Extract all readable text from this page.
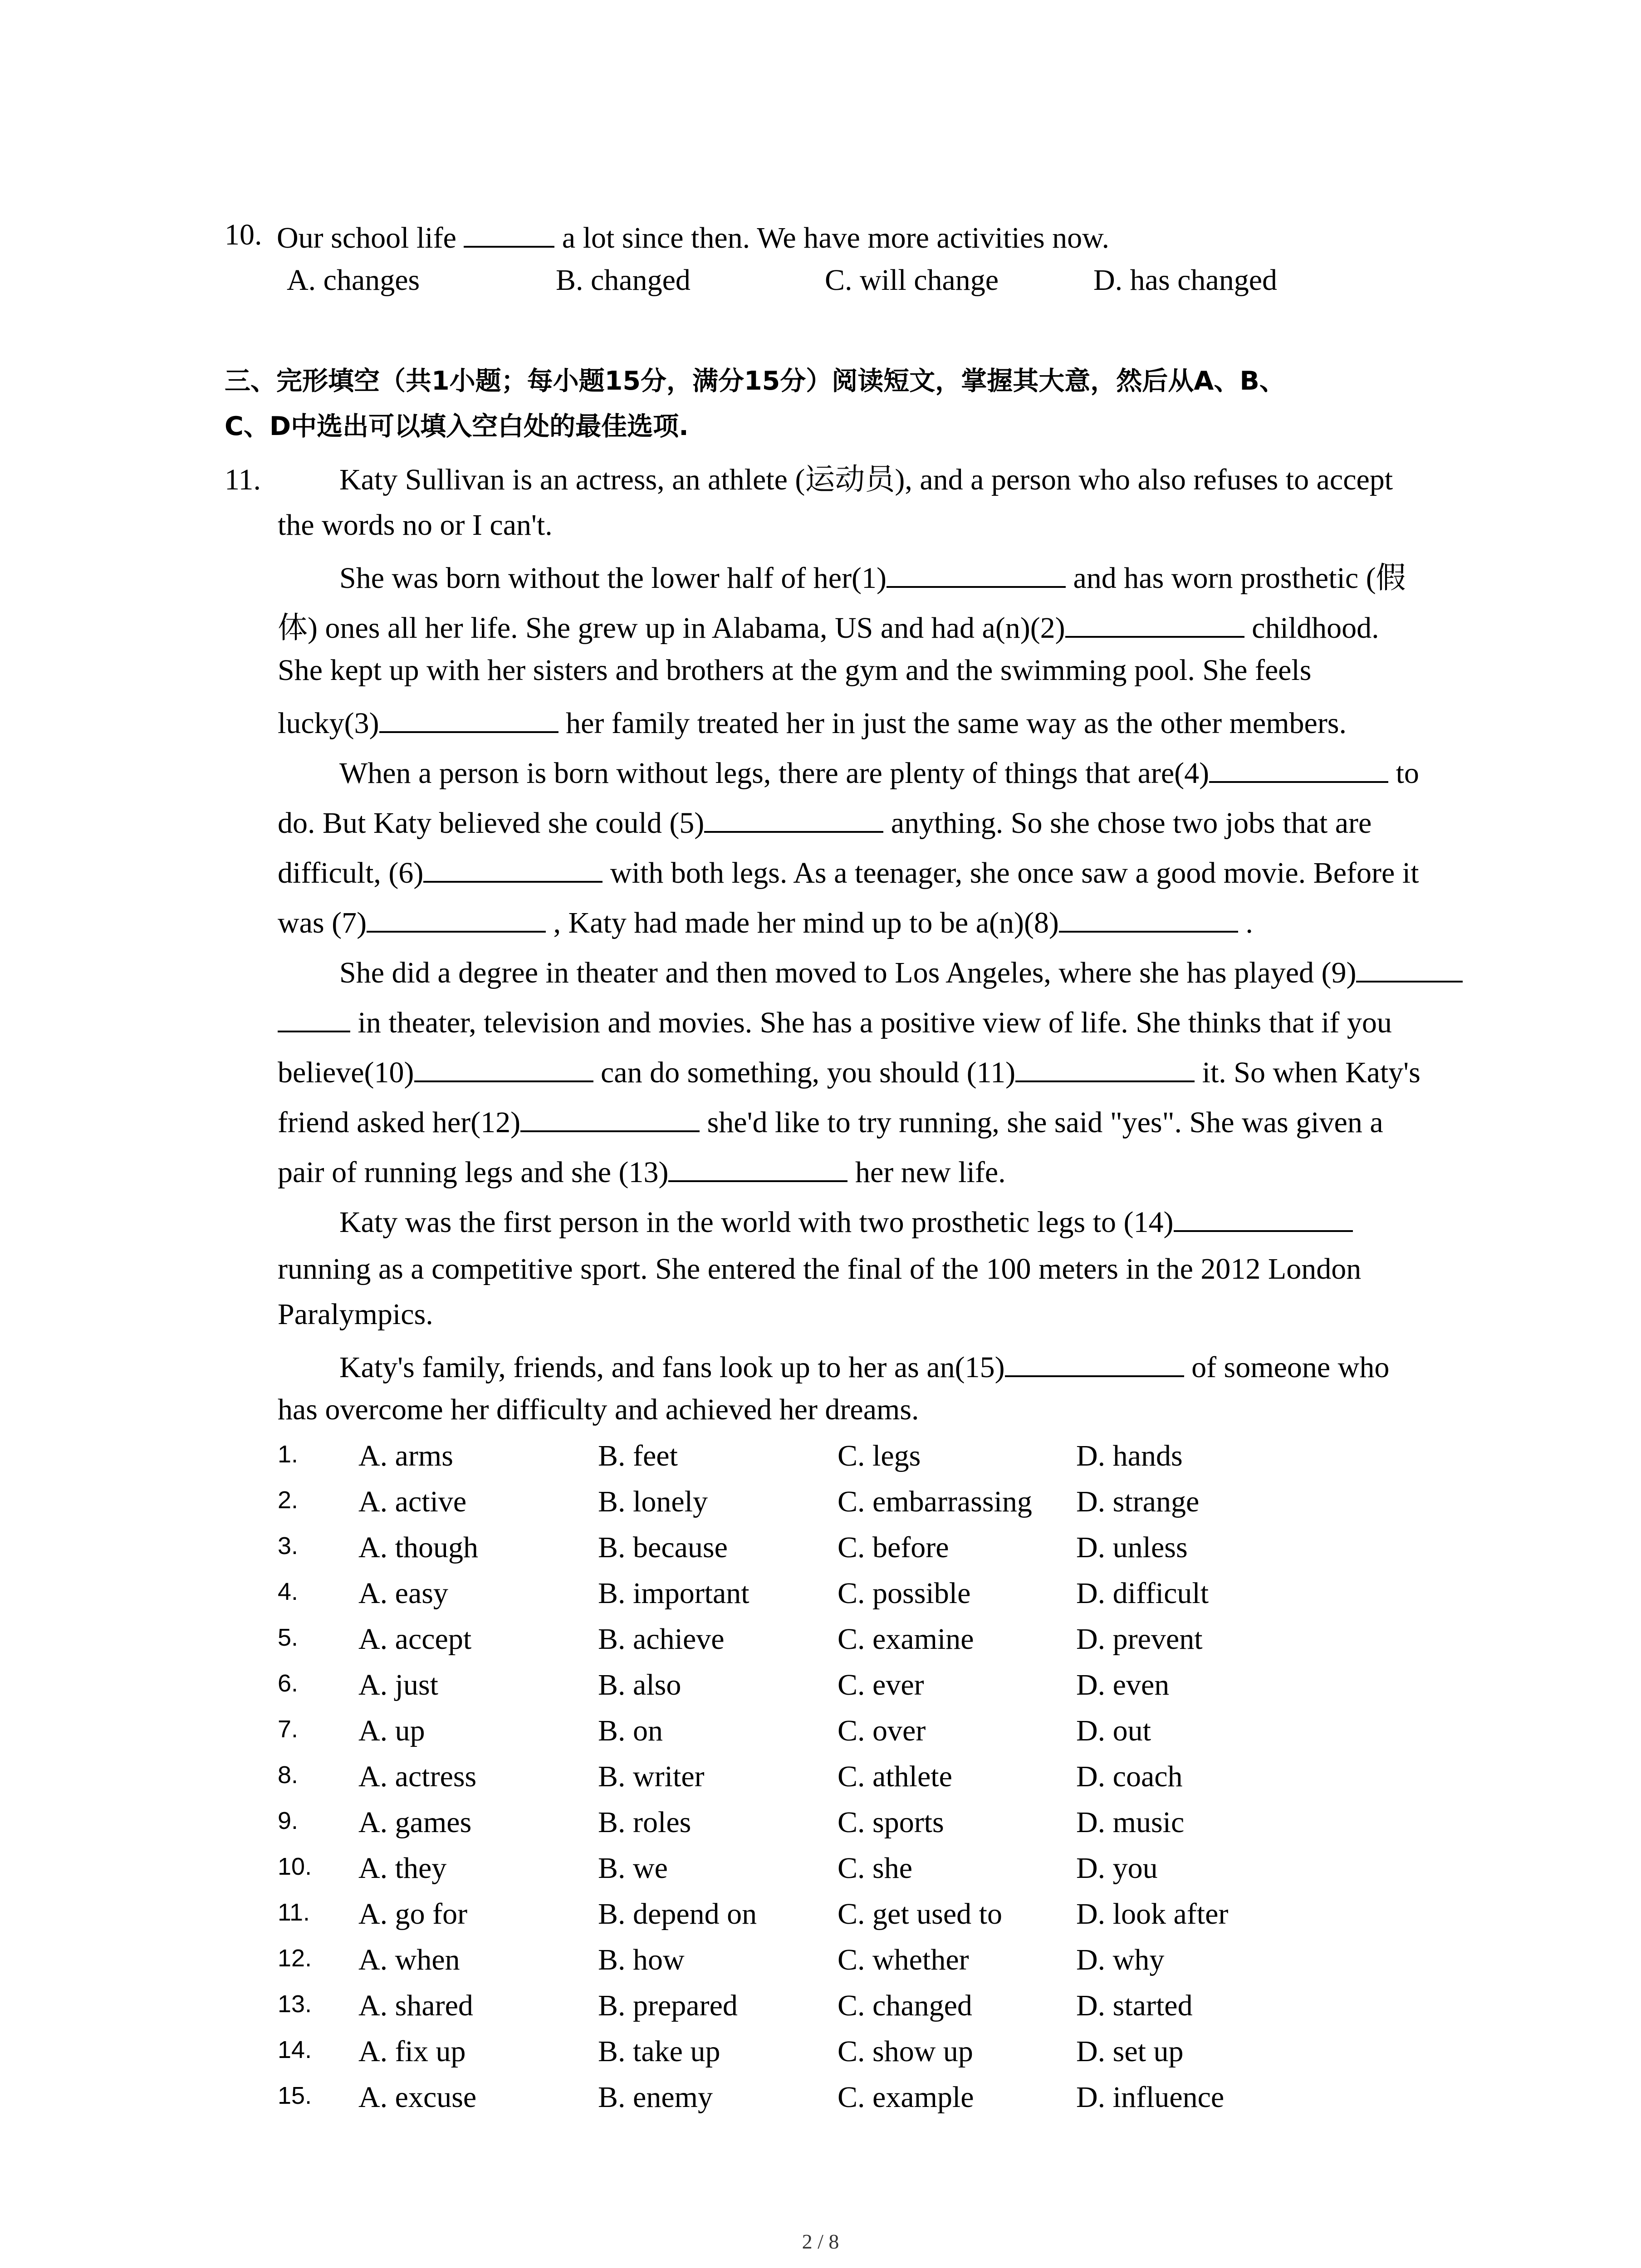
10. Our school life	a lot since then. We have more activities now.
A. changes	B. changed	C. will change	D. has changed
三、完形填空（共1小题；每小题15分，满分15分）阅读短文，掌握其大意，然后从A、B、
C、D中选出可以填入空白处的最佳选项.
11.	Katy Sullivan is an actress, an athlete (运动员), and a person who also refuses to accept
the words no or I can't.
She was born without the lower half of her(1)	and has worn prosthetic (假
体) ones all her life. She grew up in Alabama, US and had a(n)(2)	childhood.
She kept up with her sisters and brothers at the gym and the swimming pool. She feels
lucky(3)	her family treated her in just the same way as the other members.
When a person is born without legs, there are plenty of things that are(4)	to
do. But Katy believed she could (5)	anything. So she chose two jobs that are
difficult, (6)	with both legs. As a teenager, she once saw a good movie. Before it
was (7)	, Katy had made her mind up to be a(n)(8)	.
She did a degree in theater and then moved to Los Angeles, where she has played (9)
in theater, television and movies. She has a positive view of life. She thinks that if you
believe(10)	can do something, you should (11)	it. So when Katy's
friend asked her(12)	she'd like to try running, she said "yes". She was given a
pair of running legs and she (13)	her new life.
Katy was the first person in the world with two prosthetic legs to (14)
running as a competitive sport. She entered the final of the 100 meters in the 2012 London
Paralympics.
Katy's family, friends, and fans look up to her as an(15)	of someone who
has overcome her difficulty and achieved her dreams.
1. A. arms	B. feet	C. legs	D. hands
2. A. active	B. lonely	C. embarrassing D. strange
3. A. though	B. because	C. before	D. unless
4. A. easy	B. important	C. possible	D. difficult
5. A. accept	B. achieve	C. examine	D. prevent
6. A. just	B. also	C. ever	D. even
7. A. up	B. on	C. over	D. out
8. A. actress	B. writer	C. athlete	D. coach
9. A. games	B. roles	C. sports	D. music
10. A. they	B. we	C. she	D. you
11. A. go for	B. depend on	C. get used to D. look after
12. A. when	B. how	C. whether	D. why
13. A. shared	B. prepared	C. changed	D. started
14. A. fix up	B. take up	C. show up	D. set up
15. A. excuse	B. enemy	C. example	D. influence
2 / 8
